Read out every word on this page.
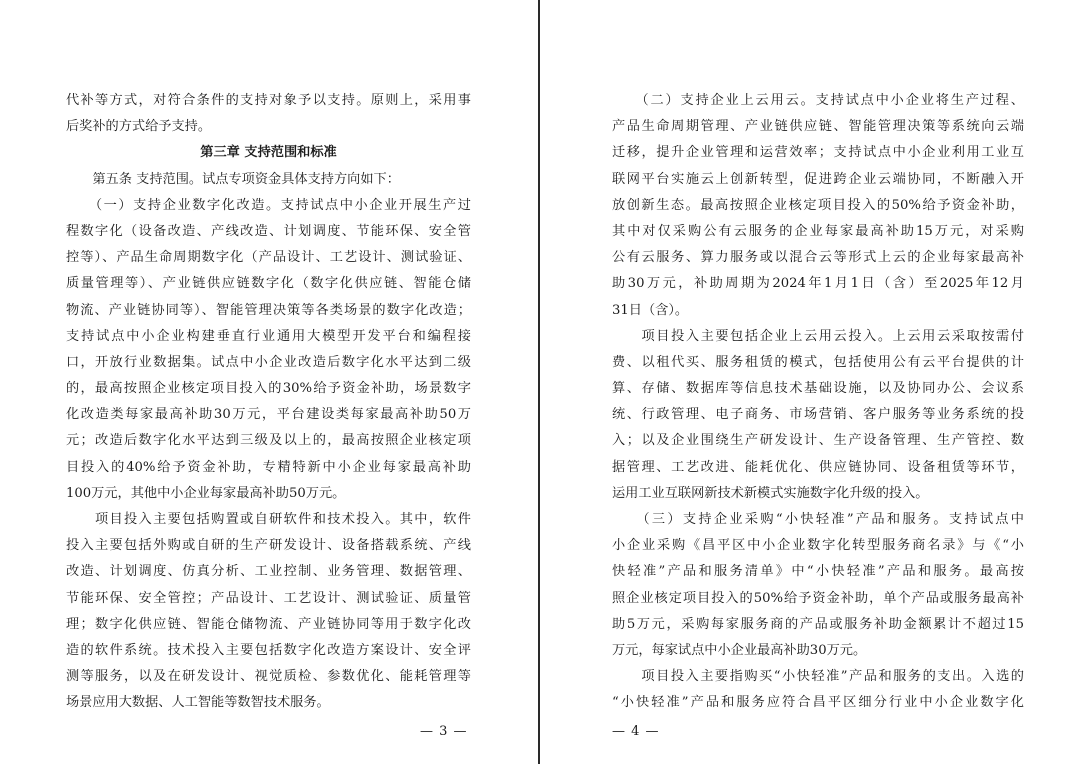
代补等方式，对符合条件的支持对象予以支持。原则上，采用事
后奖补的方式给予支持。
第三章 支持范围和标准
　　第五条 支持范围。试点专项资金具体支持方向如下：
　　（一）支持企业数字化改造。支持试点中小企业开展生产过
程数字化（设备改造、产线改造、计划调度、节能环保、安全管
控等）、产品生命周期数字化（产品设计、工艺设计、测试验证、
质量管理等）、产业链供应链数字化（数字化供应链、智能仓储
物流、产业链协同等）、智能管理决策等各类场景的数字化改造；
支持试点中小企业构建垂直行业通用大模型开发平台和编程接
口，开放行业数据集。试点中小企业改造后数字化水平达到二级
的，最高按照企业核定项目投入的30%给予资金补助，场景数字
化改造类每家最高补助30万元，平台建设类每家最高补助50万
元；改造后数字化水平达到三级及以上的，最高按照企业核定项
目投入的40%给予资金补助，专精特新中小企业每家最高补助
100万元，其他中小企业每家最高补助50万元。
　　项目投入主要包括购置或自研软件和技术投入。其中，软件
投入主要包括外购或自研的生产研发设计、设备搭载系统、产线
改造、计划调度、仿真分析、工业控制、业务管理、数据管理、
节能环保、安全管控；产品设计、工艺设计、测试验证、质量管
理；数字化供应链、智能仓储物流、产业链协同等用于数字化改
造的软件系统。技术投入主要包括数字化改造方案设计、安全评
测等服务，以及在研发设计、视觉质检、参数优化、能耗管理等
场景应用大数据、人工智能等数智技术服务。
— 3 —
　　（二）支持企业上云用云。支持试点中小企业将生产过程、
产品生命周期管理、产业链供应链、智能管理决策等系统向云端
迁移，提升企业管理和运营效率；支持试点中小企业利用工业互
联网平台实施云上创新转型，促进跨企业云端协同，不断融入开
放创新生态。最高按照企业核定项目投入的50%给予资金补助，
其中对仅采购公有云服务的企业每家最高补助15万元，对采购
公有云服务、算力服务或以混合云等形式上云的企业每家最高补
助30万元，补助周期为2024年1月1日（含）至2025年12月
31日（含）。
　　项目投入主要包括企业上云用云投入。上云用云采取按需付
费、以租代买、服务租赁的模式，包括使用公有云平台提供的计
算、存储、数据库等信息技术基础设施，以及协同办公、会议系
统、行政管理、电子商务、市场营销、客户服务等业务系统的投
入；以及企业围绕生产研发设计、生产设备管理、生产管控、数
据管理、工艺改进、能耗优化、供应链协同、设备租赁等环节，
运用工业互联网新技术新模式实施数字化升级的投入。
　　（三）支持企业采购“小快轻准”产品和服务。支持试点中
小企业采购《昌平区中小企业数字化转型服务商名录》与《“小
快轻准”产品和服务清单》中“小快轻准”产品和服务。最高按
照企业核定项目投入的50%给予资金补助，单个产品或服务最高补
助5万元，采购每家服务商的产品或服务补助金额累计不超过15
万元，每家试点中小企业最高补助30万元。
　　项目投入主要指购买“小快轻准”产品和服务的支出。入选的
“小快轻准”产品和服务应符合昌平区细分行业中小企业数字化
— 4 —
